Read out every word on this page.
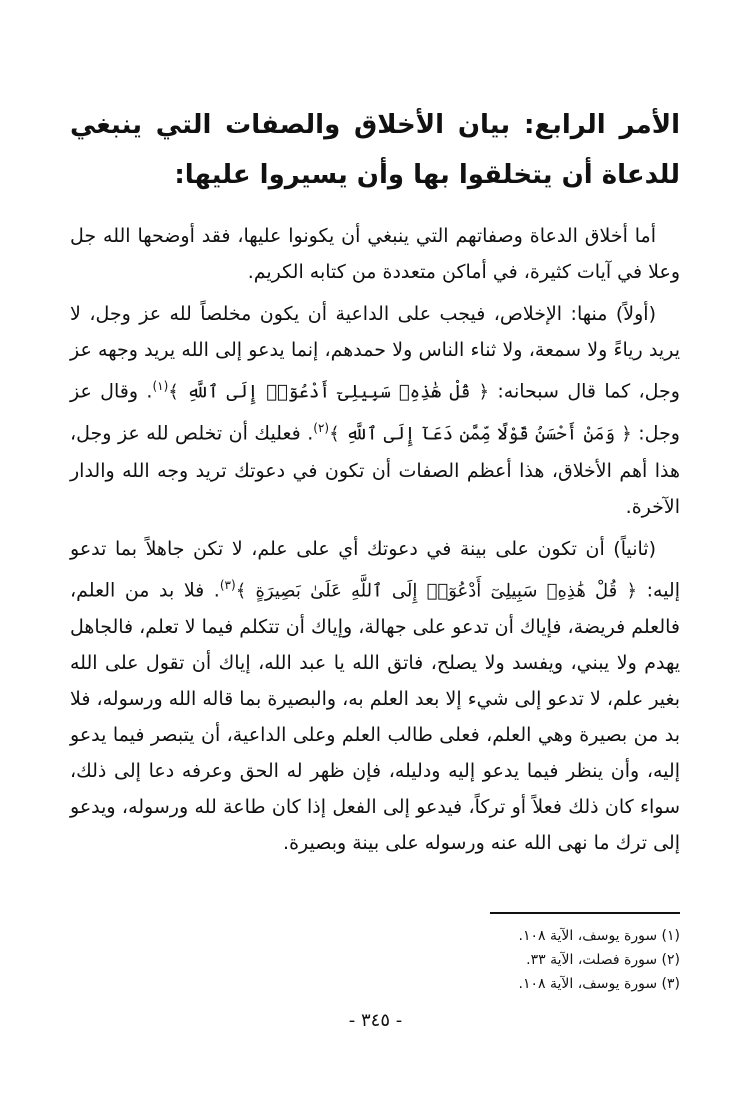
الأمر الرابع: بيان الأخلاق والصفات التي ينبغي للدعاة أن يتخلقوا بها وأن يسيروا عليها:

أما أخلاق الدعاة وصفاتهم التي ينبغي أن يكونوا عليها، فقد أوضحها الله جل وعلا في آيات كثيرة، في أماكن متعددة من كتابه الكريم.

(أولاً) منها: الإخلاص، فيجب على الداعية أن يكون مخلصاً لله عز وجل، لا يريد رياءً ولا سمعة، ولا ثناء الناس ولا حمدهم، إنما يدعو إلى الله يريد وجهه عز وجل، كما قال سبحانه: ﴿ قُلْ هَٰذِهِۦ سَبِيلِىٓ أَدْعُوٓا۟ إِلَى ٱللَّهِ ﴾$^{(١)}$. وقال عز وجل: ﴿ وَمَنْ أَحْسَنُ قَوْلًا مِّمَّن دَعَآ إِلَى ٱللَّهِ ﴾$^{(٢)}$. فعليك أن تخلص لله عز وجل، هذا أهم الأخلاق، هذا أعظم الصفات أن تكون في دعوتك تريد وجه الله والدار الآخرة.

(ثانياً) أن تكون على بينة في دعوتك أي على علم، لا تكن جاهلاً بما تدعو إليه: ﴿ قُلْ هَٰذِهِۦ سَبِيلِىٓ أَدْعُوٓا۟ إِلَى ٱللَّهِ عَلَىٰ بَصِيرَةٍ ﴾$^{(٣)}$. فلا بد من العلم، فالعلم فريضة، فإياك أن تدعو على جهالة، وإياك أن تتكلم فيما لا تعلم، فالجاهل يهدم ولا يبني، ويفسد ولا يصلح، فاتق الله يا عبد الله، إياك أن تقول على الله بغير علم، لا تدعو إلى شيء إلا بعد العلم به، والبصيرة بما قاله الله ورسوله، فلا بد من بصيرة وهي العلم، فعلى طالب العلم وعلى الداعية، أن يتبصر فيما يدعو إليه، وأن ينظر فيما يدعو إليه ودليله، فإن ظهر له الحق وعرفه دعا إلى ذلك، سواء كان ذلك فعلاً أو تركاً، فيدعو إلى الفعل إذا كان طاعة لله ورسوله، ويدعو إلى ترك ما نهى الله عنه ورسوله على بينة وبصيرة.

(١) سورة يوسف، الآية ١٠٨.
(٢) سورة فصلت، الآية ٣٣.
(٣) سورة يوسف، الآية ١٠٨.
- ٣٤٥ -
